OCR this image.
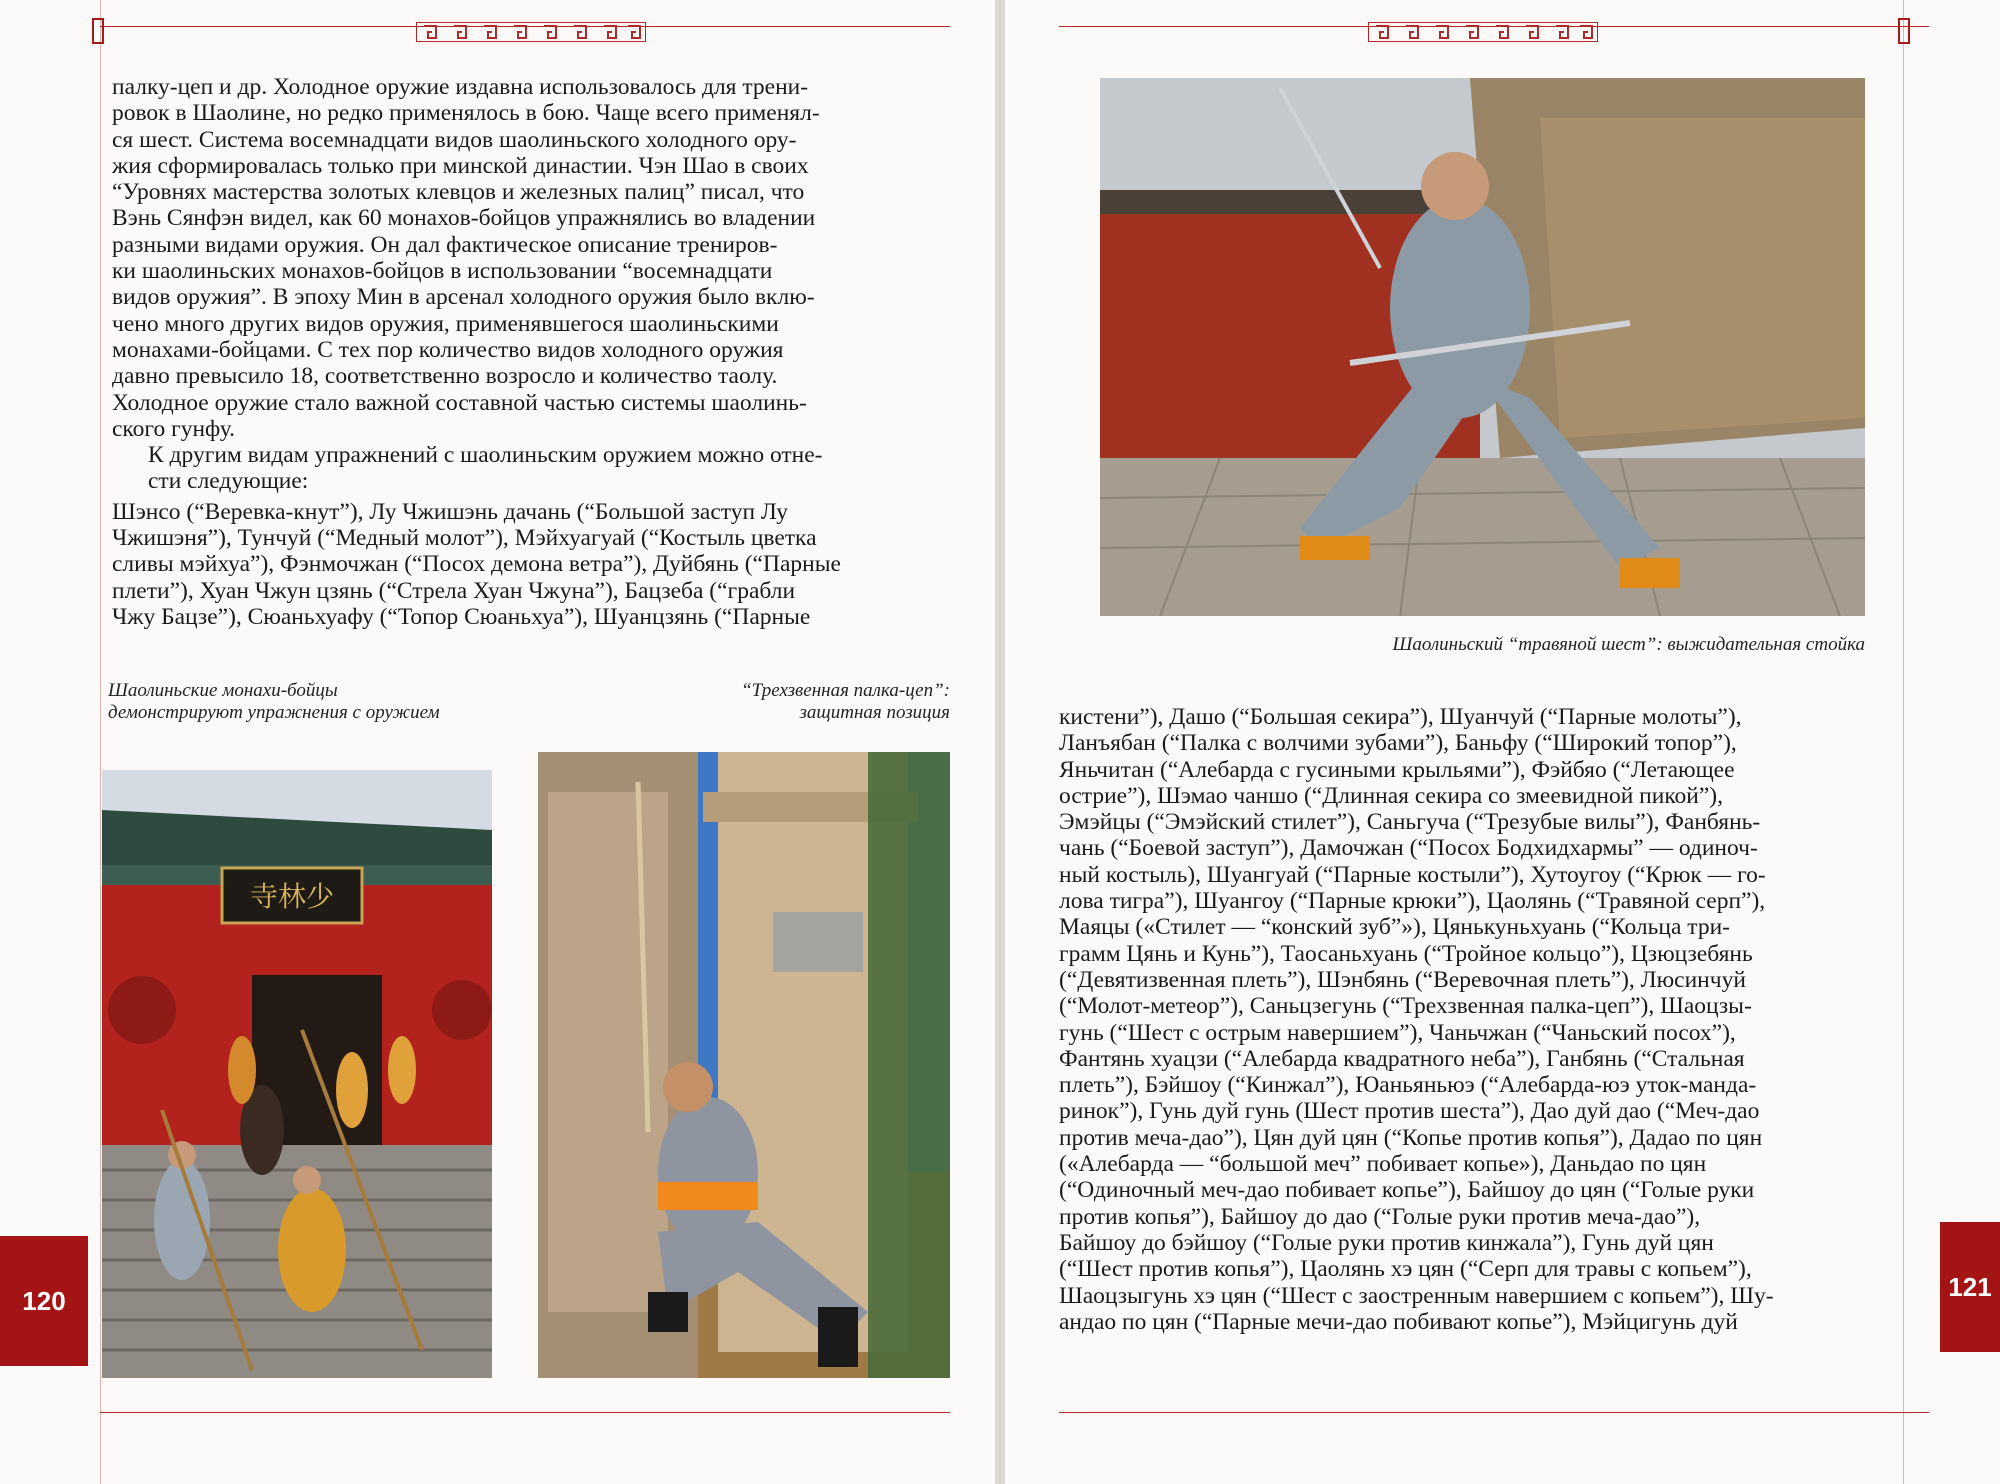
палку-цеп и др. Холодное оружие издавна использовалось для трени-
ровок в Шаолине, но редко применялось в бою. Чаще всего применял-
ся шест. Система восемнадцати видов шаолиньского холодного ору-
жия сформировалась только при минской династии. Чэн Шао в своих
“Уровнях мастерства золотых клевцов и железных палиц” писал, что
Вэнь Сянфэн видел, как 60 монахов-бойцов упражнялись во владении
разными видами оружия. Он дал фактическое описание трениров-
ки шаолиньских монахов-бойцов в использовании “восемнадцати
видов оружия”. В эпоху Мин в арсенал холодного оружия было вклю-
чено много других видов оружия, применявшегося шаолиньскими
монахами-бойцами. С тех пор количество видов холодного оружия
давно превысило 18, соответственно возросло и количество таолу.
Холодное оружие стало важной составной частью системы шаолинь-
ского гунфу.

К другим видам упражнений с шаолиньским оружием можно отне-
сти следующие:

Шэнсо (“Веревка-кнут”), Лу Чжишэнь дачань (“Большой заступ Лу
Чжишэня”), Тунчуй (“Медный молот”), Мэйхуагуай (“Костыль цветка
сливы мэйхуа”), Фэнмочжан (“Посох демона ветра”), Дуйбянь (“Парные
плети”), Хуан Чжун цзянь (“Стрела Хуан Чжуна”), Бацзеба (“грабли
Чжу Бацзе”), Сюаньхуафу (“Топор Сюаньхуа”), Шуанцзянь (“Парные

Шаолиньские монахи-бойцы
демонстрируют упражнения с оружием
“Трехзвенная палка-цеп”:
защитная позиция
寺林少
120
Шаолиньский “травяной шест”: выжидательная стойка
кистени”), Дашо (“Большая секира”), Шуанчуй (“Парные молоты”),
Ланъябан (“Палка с волчими зубами”), Баньфу (“Широкий топор”),
Яньчитан (“Алебарда с гусиными крыльями”), Фэйбяо (“Летающее
острие”), Шэмао чаншо (“Длинная секира со змеевидной пикой”),
Эмэйцы (“Эмэйский стилет”), Саньгуча (“Трезубые вилы”), Фанбянь-
чань (“Боевой заступ”), Дамочжан (“Посох Бодхидхармы” — одиноч-
ный костыль), Шуангуай (“Парные костыли”), Хутоугоу (“Крюк — го-
лова тигра”), Шуангоу (“Парные крюки”), Цаолянь (“Травяной серп”),
Маяцы («Стилет — “конский зуб”»), Цянькуньхуань (“Кольца три-
грамм Цянь и Кунь”), Таосаньхуань (“Тройное кольцо”), Цзюцзебянь
(“Девятизвенная плеть”), Шэнбянь (“Веревочная плеть”), Люсинчуй
(“Молот-метеор”), Саньцзегунь (“Трехзвенная палка-цеп”), Шаоцзы-
гунь (“Шест с острым навершием”), Чаньчжан (“Чаньский посох”),
Фантянь хуацзи (“Алебарда квадратного неба”), Ганбянь (“Стальная
плеть”), Бэйшоу (“Кинжал”), Юаньяньюэ (“Алебарда-юэ уток-манда-
ринок”), Гунь дуй гунь (Шест против шеста”), Дао дуй дао (“Меч-дао
против меча-дао”), Цян дуй цян (“Копье против копья”), Дадао по цян
(«Алебарда — “большой меч” побивает копье»), Даньдао по цян
(“Одиночный меч-дао побивает копье”), Байшоу до цян (“Голые руки
против копья”), Байшоу до дао (“Голые руки против меча-дао”),
Байшоу до бэйшоу (“Голые руки против кинжала”), Гунь дуй цян
(“Шест против копья”), Цаолянь хэ цян (“Серп для травы с копьем”),
Шаоцзыгунь хэ цян (“Шест с заостренным навершием с копьем”), Шу-
андао по цян (“Парные мечи-дао побивают копье”), Мэйцигунь дуй
121
